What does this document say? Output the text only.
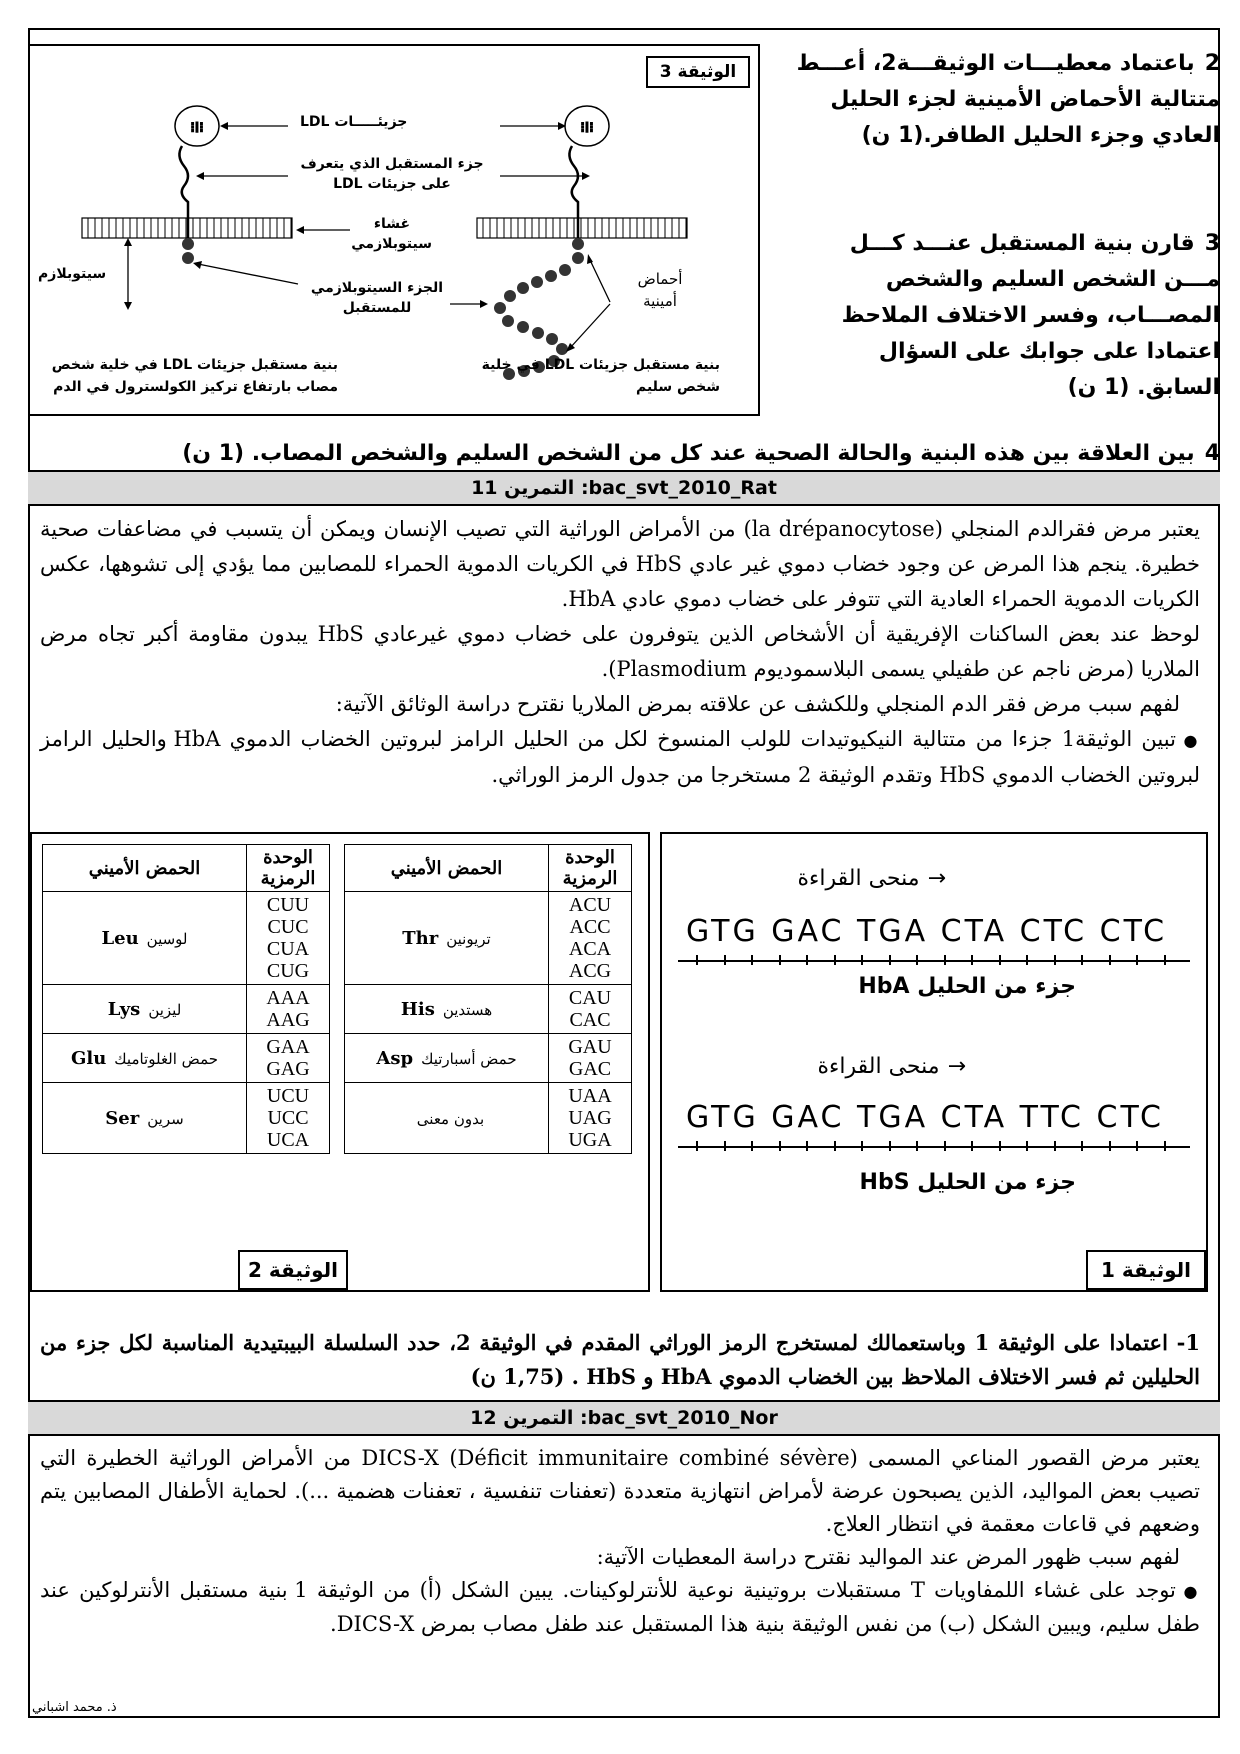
الوثيقة 3
⁝⁞⁝	⁝⁞⁝
جزيئـــــات LDL
جزء المستقبل الذي يتعرف على جزيئات LDL
غشاء سيتوبلازمي
سيتوبلازم
الجزء السيتوبلازمي للمستقبل
أحماض أمينية
بنية مستقبل جزيئات LDL في خلية شخص مصاب بارتفاع تركيز الكولسترول في الدم
بنية مستقبل جزيئات LDL في خلية شخص سليم
2باعتماد معطيـــات الوثيقـــة2، أعـــط متتالية الأحماض الأمينية لجزء الحليل العادي وجزء الحليل الطافر.(1 ن)
3قارن بنية المستقبل عنـــد كـــل مـــن الشخص السليم والشخص المصـــاب، وفسر الاختلاف الملاحظ اعتمادا على جوابك على السؤال السابق. (1 ن)
4بين العلاقة بين هذه البنية والحالة الصحية عند كل من الشخص السليم والشخص المصاب. (1 ن)
التمرين 11 :bac_svt_2010_Rat

يعتبر مرض فقرالدم المنجلي (la drépanocytose) من الأمراض الوراثية التي تصيب الإنسان ويمكن أن يتسبب في مضاعفات صحية خطيرة. ينجم هذا المرض عن وجود خضاب دموي غير عادي HbS في الكريات الدموية الحمراء للمصابين مما يؤدي إلى تشوهها، عكس الكريات الدموية الحمراء العادية التي تتوفر على خضاب دموي عادي HbA.

لوحظ عند بعض الساكنات الإفريقية أن الأشخاص الذين يتوفرون على خضاب دموي غيرعادي HbS يبدون مقاومة أكبر تجاه مرض الملاريا (مرض ناجم عن طفيلي يسمى البلاسموديوم Plasmodium).

لفهم سبب مرض فقر الدم المنجلي وللكشف عن علاقته بمرض الملاريا نقترح دراسة الوثائق الآتية:

● تبين الوثيقة1 جزءا من متتالية النيكيوتيدات للولب المنسوخ لكل من الحليل الرامز لبروتين الخضاب الدموي HbA والحليل الرامز لبروتين الخضاب الدموي HbS وتقدم الوثيقة 2 مستخرجا من جدول الرمز الوراثي.

→منحى القراءة
GTG GAC TGA CTA CTC CTC
جزء من الحليل HbA
→منحى القراءة
GTG GAC TGA CTA TTC CTC
جزء من الحليل HbS
الوثيقة 1
الوحدة الرمزية	الحمض الأميني
ACU
ACC
ACA
ACG	تريونينThr
CAU
CAC	هستدينHis
GAU
GAC	حمض أسبارتيكAsp
UAA
UAG
UGA	بدون معنى
الوحدة الرمزية	الحمض الأميني
CUU
CUC
CUA
CUG	لوسينLeu
AAA
AAG	ليزينLys
GAA
GAG	حمض الغلوتاميكGlu
UCU
UCC
UCA	سرينSer
الوثيقة 2
1- اعتمادا على الوثيقة 1 وباستعمالك لمستخرج الرمز الوراثي المقدم في الوثيقة 2، حدد السلسلة البيبتيدية المناسبة لكل جزء من الحليلين ثم فسر الاختلاف الملاحظ بين الخضاب الدموي HbA و HbS . (1,75 ن)
التمرين 12 :bac_svt_2010_Nor

يعتبر مرض القصور المناعي المسمى DICS-X (Déficit immunitaire combiné sévère) من الأمراض الوراثية الخطيرة التي تصيب بعض المواليد، الذين يصبحون عرضة لأمراض انتهازية متعددة (تعفنات تنفسية ، تعفنات هضمية ...). لحماية الأطفال المصابين يتم وضعهم في قاعات معقمة في انتظار العلاج.

لفهم سبب ظهور المرض عند المواليد نقترح دراسة المعطيات الآتية:

● توجد على غشاء اللمفاويات T مستقبلات بروتينية نوعية للأنترلوكينات. يبين الشكل (أ) من الوثيقة 1 بنية مستقبل الأنترلوكين عند طفل سليم، ويبين الشكل (ب) من نفس الوثيقة بنية هذا المستقبل عند طفل مصاب بمرض DICS-X.

ذ. محمد اشباني
